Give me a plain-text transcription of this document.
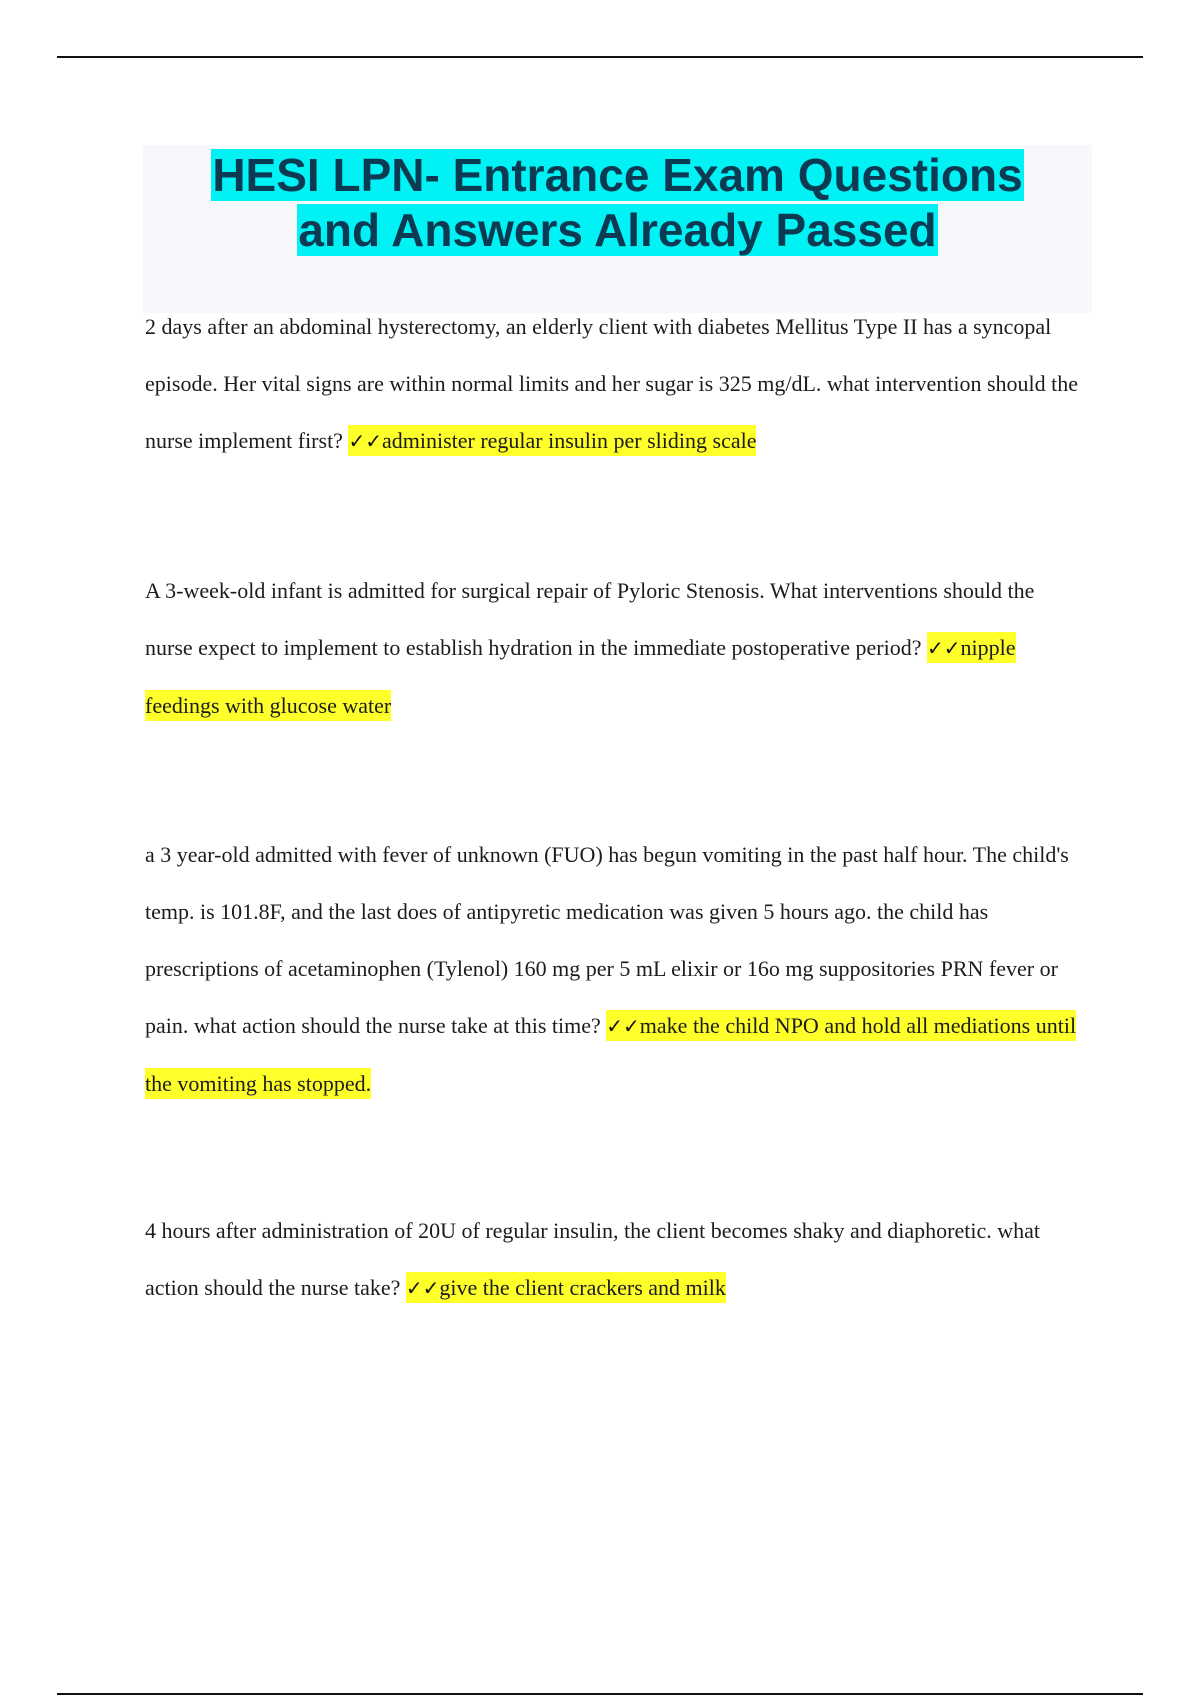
HESI LPN- Entrance Exam Questions
and Answers Already Passed

2 days after an abdominal hysterectomy, an elderly client with diabetes Mellitus Type II has a syncopal episode. Her vital signs are within normal limits and her sugar is 325 mg/dL. what intervention should the nurse implement first? ✓✓administer regular insulin per sliding scale

A 3-week-old infant is admitted for surgical repair of Pyloric Stenosis. What interventions should the nurse expect to implement to establish hydration in the immediate postoperative period? ✓✓nipple feedings with glucose water

a 3 year-old admitted with fever of unknown (FUO) has begun vomiting in the past half hour. The child's temp. is 101.8F, and the last does of antipyretic medication was given 5 hours ago. the child has prescriptions of acetaminophen (Tylenol) 160 mg per 5 mL elixir or 16o mg suppositories PRN fever or pain. what action should the nurse take at this time? ✓✓make the child NPO and hold all mediations until the vomiting has stopped.

4 hours after administration of 20U of regular insulin, the client becomes shaky and diaphoretic. what action should the nurse take? ✓✓give the client crackers and milk
